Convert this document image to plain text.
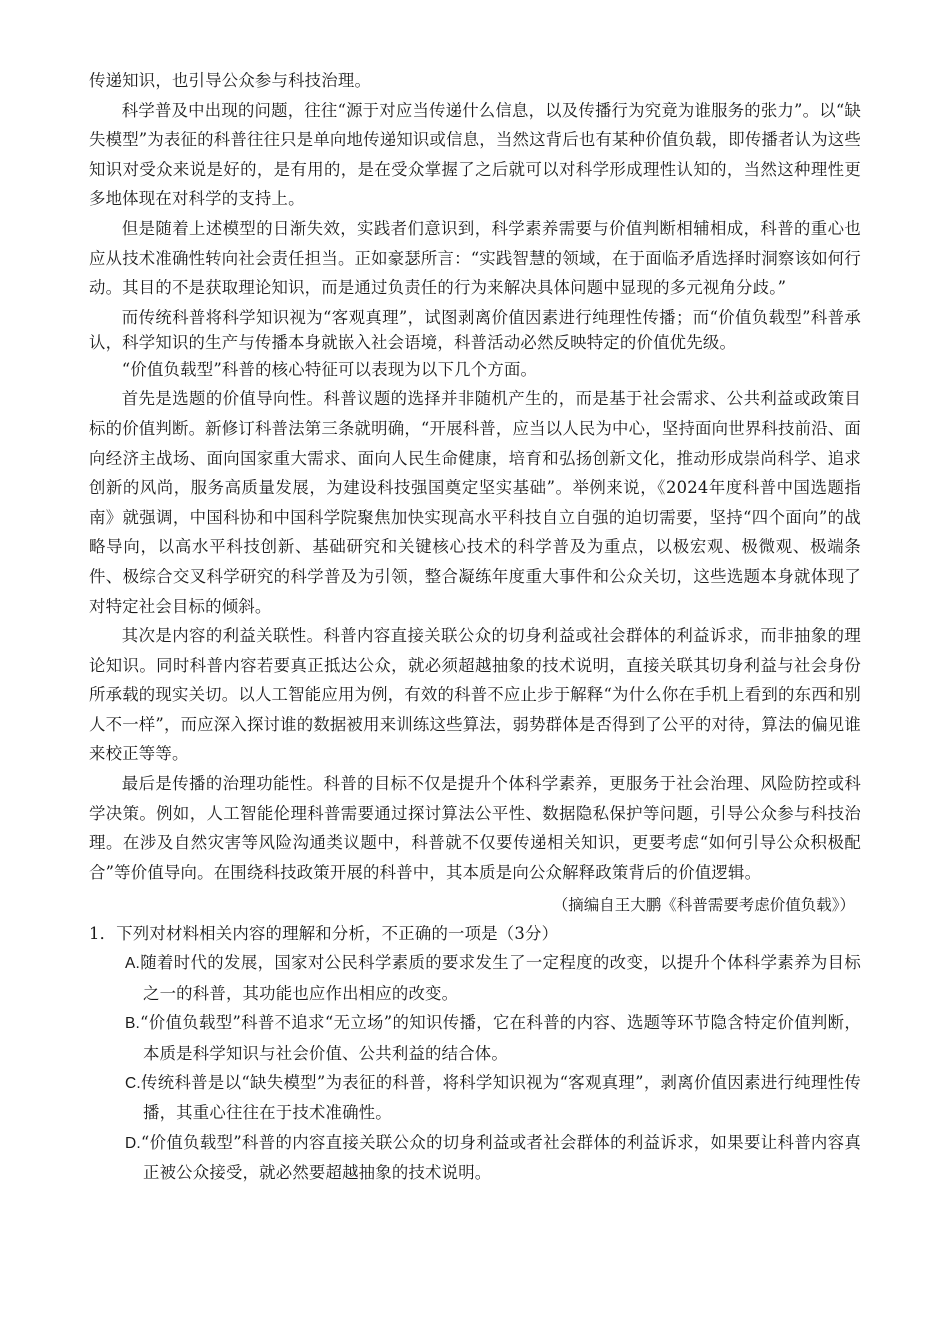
传递知识，也引导公众参与科技治理。

科学普及中出现的问题，往往“源于对应当传递什么信息，以及传播行为究竟为谁服务的张力”。以“缺失模型”为表征的科普往往只是单向地传递知识或信息，当然这背后也有某种价值负载，即传播者认为这些知识对受众来说是好的，是有用的，是在受众掌握了之后就可以对科学形成理性认知的，当然这种理性更多地体现在对科学的支持上。

但是随着上述模型的日渐失效，实践者们意识到，科学素养需要与价值判断相辅相成，科普的重心也应从技术准确性转向社会责任担当。正如豪瑟所言：“实践智慧的领域，在于面临矛盾选择时洞察该如何行动。其目的不是获取理论知识，而是通过负责任的行为来解决具体问题中显现的多元视角分歧。”

而传统科普将科学知识视为“客观真理”，试图剥离价值因素进行纯理性传播；而“价值负载型”科普承认，科学知识的生产与传播本身就嵌入社会语境，科普活动必然反映特定的价值优先级。

“价值负载型”科普的核心特征可以表现为以下几个方面。

首先是选题的价值导向性。科普议题的选择并非随机产生的，而是基于社会需求、公共利益或政策目标的价值判断。新修订科普法第三条就明确，“开展科普，应当以人民为中心，坚持面向世界科技前沿、面向经济主战场、面向国家重大需求、面向人民生命健康，培育和弘扬创新文化，推动形成崇尚科学、追求创新的风尚，服务高质量发展，为建设科技强国奠定坚实基础”。举例来说，《2024年度科普中国选题指南》就强调，中国科协和中国科学院聚焦加快实现高水平科技自立自强的迫切需要，坚持“四个面向”的战略导向，以高水平科技创新、基础研究和关键核心技术的科学普及为重点，以极宏观、极微观、极端条件、极综合交叉科学研究的科学普及为引领，整合凝练年度重大事件和公众关切，这些选题本身就体现了对特定社会目标的倾斜。

其次是内容的利益关联性。科普内容直接关联公众的切身利益或社会群体的利益诉求，而非抽象的理论知识。同时科普内容若要真正抵达公众，就必须超越抽象的技术说明，直接关联其切身利益与社会身份所承载的现实关切。以人工智能应用为例，有效的科普不应止步于解释“为什么你在手机上看到的东西和别人不一样”，而应深入探讨谁的数据被用来训练这些算法，弱势群体是否得到了公平的对待，算法的偏见谁来校正等等。

最后是传播的治理功能性。科普的目标不仅是提升个体科学素养，更服务于社会治理、风险防控或科学决策。例如，人工智能伦理科普需要通过探讨算法公平性、数据隐私保护等问题，引导公众参与科技治理。在涉及自然灾害等风险沟通类议题中，科普就不仅要传递相关知识，更要考虑“如何引导公众积极配合”等价值导向。在围绕科技政策开展的科普中，其本质是向公众解释政策背后的价值逻辑。

（摘编自王大鹏《科普需要考虑价值负载》）

1．下列对材料相关内容的理解和分析，不正确的一项是（3分）

A.随着时代的发展，国家对公民科学素质的要求发生了一定程度的改变，以提升个体科学素养为目标之一的科普，其功能也应作出相应的改变。

B.“价值负载型”科普不追求“无立场”的知识传播，它在科普的内容、选题等环节隐含特定价值判断，本质是科学知识与社会价值、公共利益的结合体。

C.传统科普是以“缺失模型”为表征的科普，将科学知识视为“客观真理”，剥离价值因素进行纯理性传播，其重心往往在于技术准确性。

D.“价值负载型”科普的内容直接关联公众的切身利益或者社会群体的利益诉求，如果要让科普内容真正被公众接受，就必然要超越抽象的技术说明。
